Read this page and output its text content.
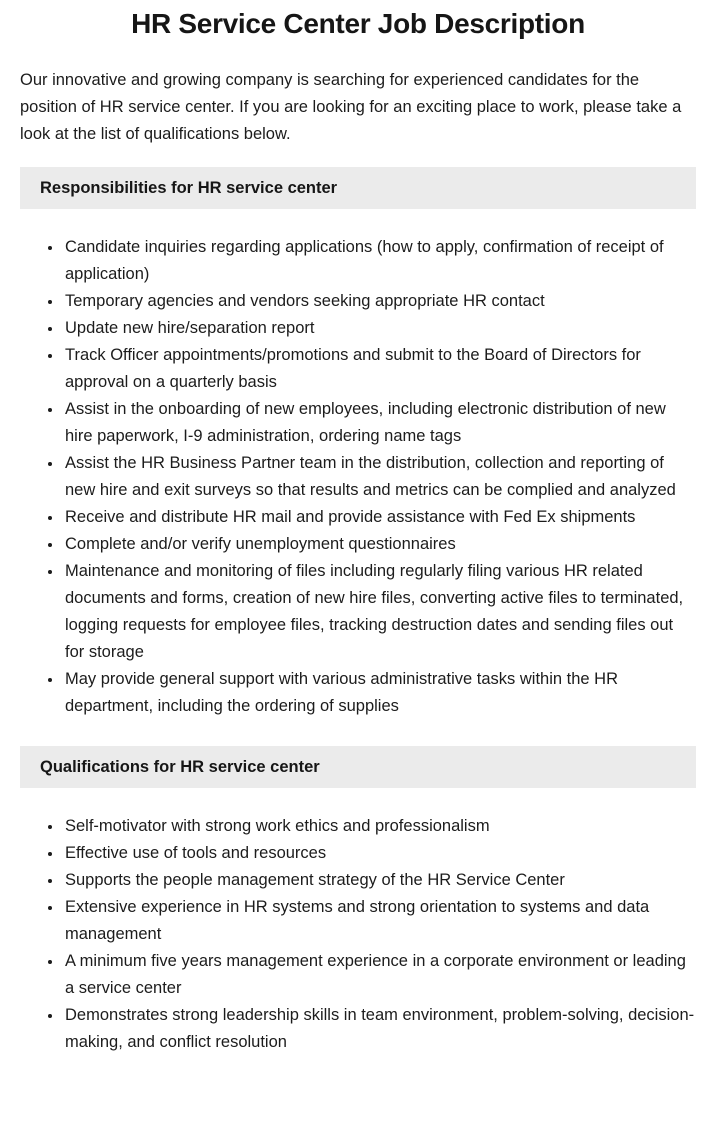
HR Service Center Job Description

Our innovative and growing company is searching for experienced candidates for the position of HR service center. If you are looking for an exciting place to work, please take a look at the list of qualifications below.

Responsibilities for HR service center
• Candidate inquiries regarding applications (how to apply, confirmation of receipt of application)
• Temporary agencies and vendors seeking appropriate HR contact
• Update new hire/separation report
• Track Officer appointments/promotions and submit to the Board of Directors for approval on a quarterly basis
• Assist in the onboarding of new employees, including electronic distribution of new hire paperwork, I-9 administration, ordering name tags
• Assist the HR Business Partner team in the distribution, collection and reporting of new hire and exit surveys so that results and metrics can be complied and analyzed
• Receive and distribute HR mail and provide assistance with Fed Ex shipments
• Complete and/or verify unemployment questionnaires
• Maintenance and monitoring of files including regularly filing various HR related documents and forms, creation of new hire files, converting active files to terminated, logging requests for employee files, tracking destruction dates and sending files out for storage
• May provide general support with various administrative tasks within the HR department, including the ordering of supplies
Qualifications for HR service center
• Self-motivator with strong work ethics and professionalism
• Effective use of tools and resources
• Supports the people management strategy of the HR Service Center
• Extensive experience in HR systems and strong orientation to systems and data management
• A minimum five years management experience in a corporate environment or leading a service center
• Demonstrates strong leadership skills in team environment, problem-solving, decision-making, and conflict resolution
